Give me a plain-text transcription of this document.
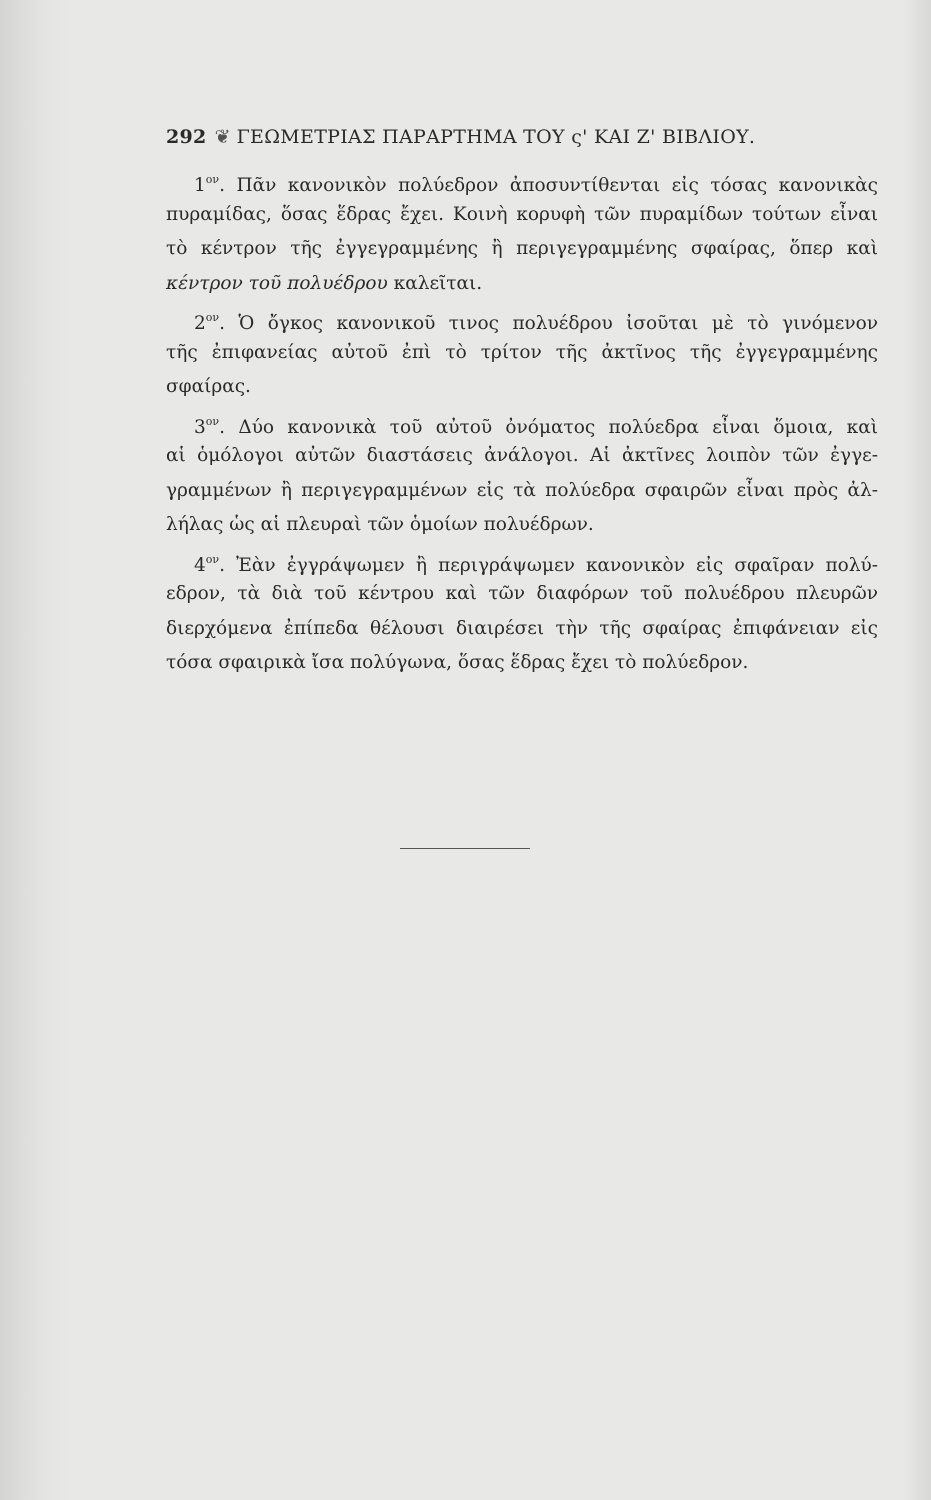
292 ❦ ΓΕΩΜΕΤΡΙΑΣ ΠΑΡΑΡΤΗΜΑ ΤΟΥ ς' ΚΑΙ Ζ' ΒΙΒΛΙΟΥ.
$1^{o\nu}$. Πᾶν κανονικὸν πολύεδρον ἀποσυντίθενται εἰς τόσας κανονικὰς
πυραμίδας, ὅσας ἕδρας ἔχει. Κοινὴ κορυφὴ τῶν πυραμίδων τούτων εἶναι
τὸ κέντρον τῆς ἐγγεγραμμένης ἢ περιγεγραμμένης σφαίρας, ὅπερ καὶ
κέντρον τοῦ πολυέδρου καλεῖται.
$2^{o\nu}$. Ὁ ὄγκος κανονικοῦ τινος πολυέδρου ἰσοῦται μὲ τὸ γινόμενον
τῆς ἐπιφανείας αὐτοῦ ἐπὶ τὸ τρίτον τῆς ἀκτῖνος τῆς ἐγγεγραμμένης
σφαίρας.
$3^{o\nu}$. Δύο κανονικὰ τοῦ αὐτοῦ ὀνόματος πολύεδρα εἶναι ὅμοια, καὶ
αἱ ὁμόλογοι αὐτῶν διαστάσεις ἀνάλογοι. Αἱ ἀκτῖνες λοιπὸν τῶν ἐγγε-
γραμμένων ἢ περιγεγραμμένων εἰς τὰ πολύεδρα σφαιρῶν εἶναι πρὸς ἀλ-
λήλας ὡς αἱ πλευραὶ τῶν ὁμοίων πολυέδρων.
$4^{o\nu}$. Ἐὰν ἐγγράψωμεν ἢ περιγράψωμεν κανονικὸν εἰς σφαῖραν πολύ-
εδρον, τὰ διὰ τοῦ κέντρου καὶ τῶν διαφόρων τοῦ πολυέδρου πλευρῶν
διερχόμενα ἐπίπεδα θέλουσι διαιρέσει τὴν τῆς σφαίρας ἐπιφάνειαν εἰς
τόσα σφαιρικὰ ἴσα πολύγωνα, ὅσας ἕδρας ἔχει τὸ πολύεδρον.
